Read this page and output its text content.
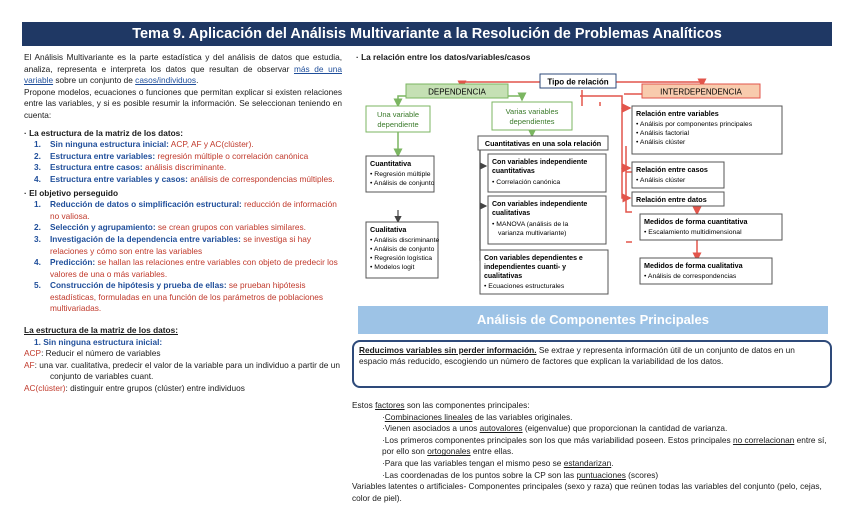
Tema 9. Aplicación del Análisis Multivariante a la Resolución de Problemas Analíticos
El Análisis Multivariante es la parte estadística y del análisis de datos que estudia, analiza, representa e interpreta los datos que resultan de observar más de una variable sobre un conjunto de casos/individuos.
Propone modelos, ecuaciones o funciones que permitan explicar si existen relaciones entre las variables, y si es posible resumir la información. Se seleccionan teniendo en cuenta:
· La estructura de la matriz de los datos:
1.	Sin ninguna estructura inicial: ACP, AF y AC(clúster).
2.	Estructura entre variables: regresión múltiple o correlación canónica
3.	Estructura entre casos: análisis discriminante.
4.	Estructura entre variables y casos: análisis de correspondencias múltiples.
· El objetivo perseguido
1.	Reducción de datos o simplificación estructural: reducción de información no valiosa.
2.	Selección y agrupamiento: se crean grupos con variables similares.
3.	Investigación de la dependencia entre variables: se investiga si hay relaciones y cómo son entre las variables
4.	Predicción: se hallan las relaciones entre variables con objeto de predecir los valores de una o más variables.
5.	Construcción de hipótesis y prueba de ellas: se prueban hipótesis estadísticas, formuladas en una función de los parámetros de poblaciones multivariadas.
La estructura de la matriz de los datos:
1. Sin ninguna estructura inicial:
ACP: Reducir el número de variables
AF: una var. cualitativa, predecir el valor de la variable para un individuo a partir de un conjunto de variables cuant.
AC(clúster): distinguir entre grupos (clúster) entre individuos
· La relación entre los datos/variables/casos
Tipo de relación
DEPENDENCIA	INTERDEPENDENCIA
Una variable
dependiente
Varias variables
dependientes
Cuantitativa
• Regresión múltiple
• Análisis de conjunto
Cualitativa
• Análisis discriminante
• Análisis de conjunto
• Regresión logística
• Modelos logit
Cuantitativas en una sola relación
Con variables independiente
cuantitativas
• Correlación canónica
Con variables independiente
cualitativas
• MANOVA (análisis de la
varianza multivariante)
Con variables dependientes e
independientes cuanti- y
cualitativas
• Ecuaciones estructurales
Relación entre variables
• Análisis por componentes principales
• Análisis factorial
• Análisis clúster
Relación entre casos
• Análisis clúster
Relación entre datos
Medidos de forma cuantitativa
• Escalamiento multidimensional
Medidos de forma cualitativa
• Análisis de correspondencias
Análisis de Componentes Principales
Reducimos variables sin perder información. Se extrae y representa información útil de un conjunto de datos en un espacio más reducido, escogiendo un número de factores que explican la variabilidad de los datos.
Estos factores son las componentes principales:
·Combinaciones lineales de las variables originales.
·Vienen asociados a unos autovalores (eigenvalue) que proporcionan la cantidad de varianza.
·Los primeros componentes principales son los que más variabilidad poseen. Estos principales no correlacionan entre sí, por ello son ortogonales entre ellas.
·Para que las variables tengan el mismo peso se estandarizan.
·Las coordenadas de los puntos sobre la CP son las puntuaciones (scores)
Variables latentes o artificiales- Componentes principales (sexo y raza) que reúnen todas las variables del conjunto (pelo, cejas, color de piel).
